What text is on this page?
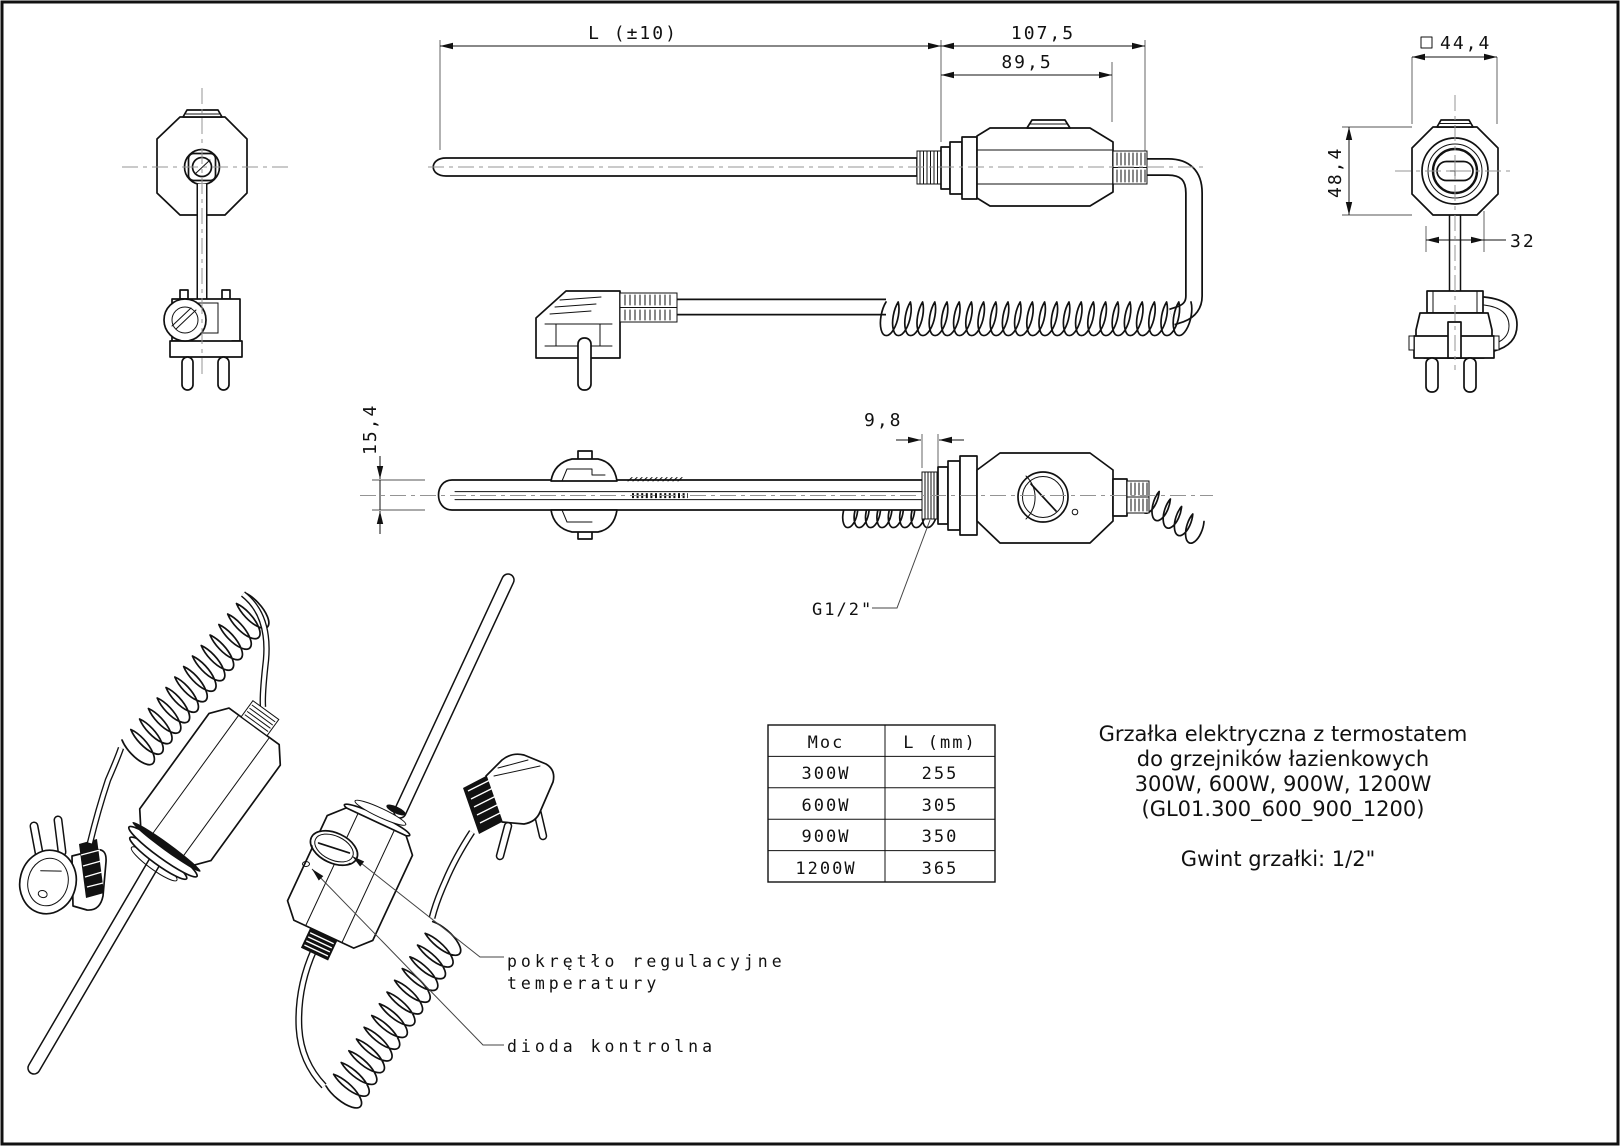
L (±10)	107,5
89,5
44,4
48,4
32
15,4	9,8
G1/2"
pokrętło regulacyjne
temperatury
dioda kontrolna
Moc	L (mm)
300W	255
600W	305
900W	350
1200W	365
Grzałka elektryczna z termostatem
do grzejników łazienkowych
300W, 600W, 900W, 1200W
(GL01.300_600_900_1200)
Gwint grzałki: 1/2"
